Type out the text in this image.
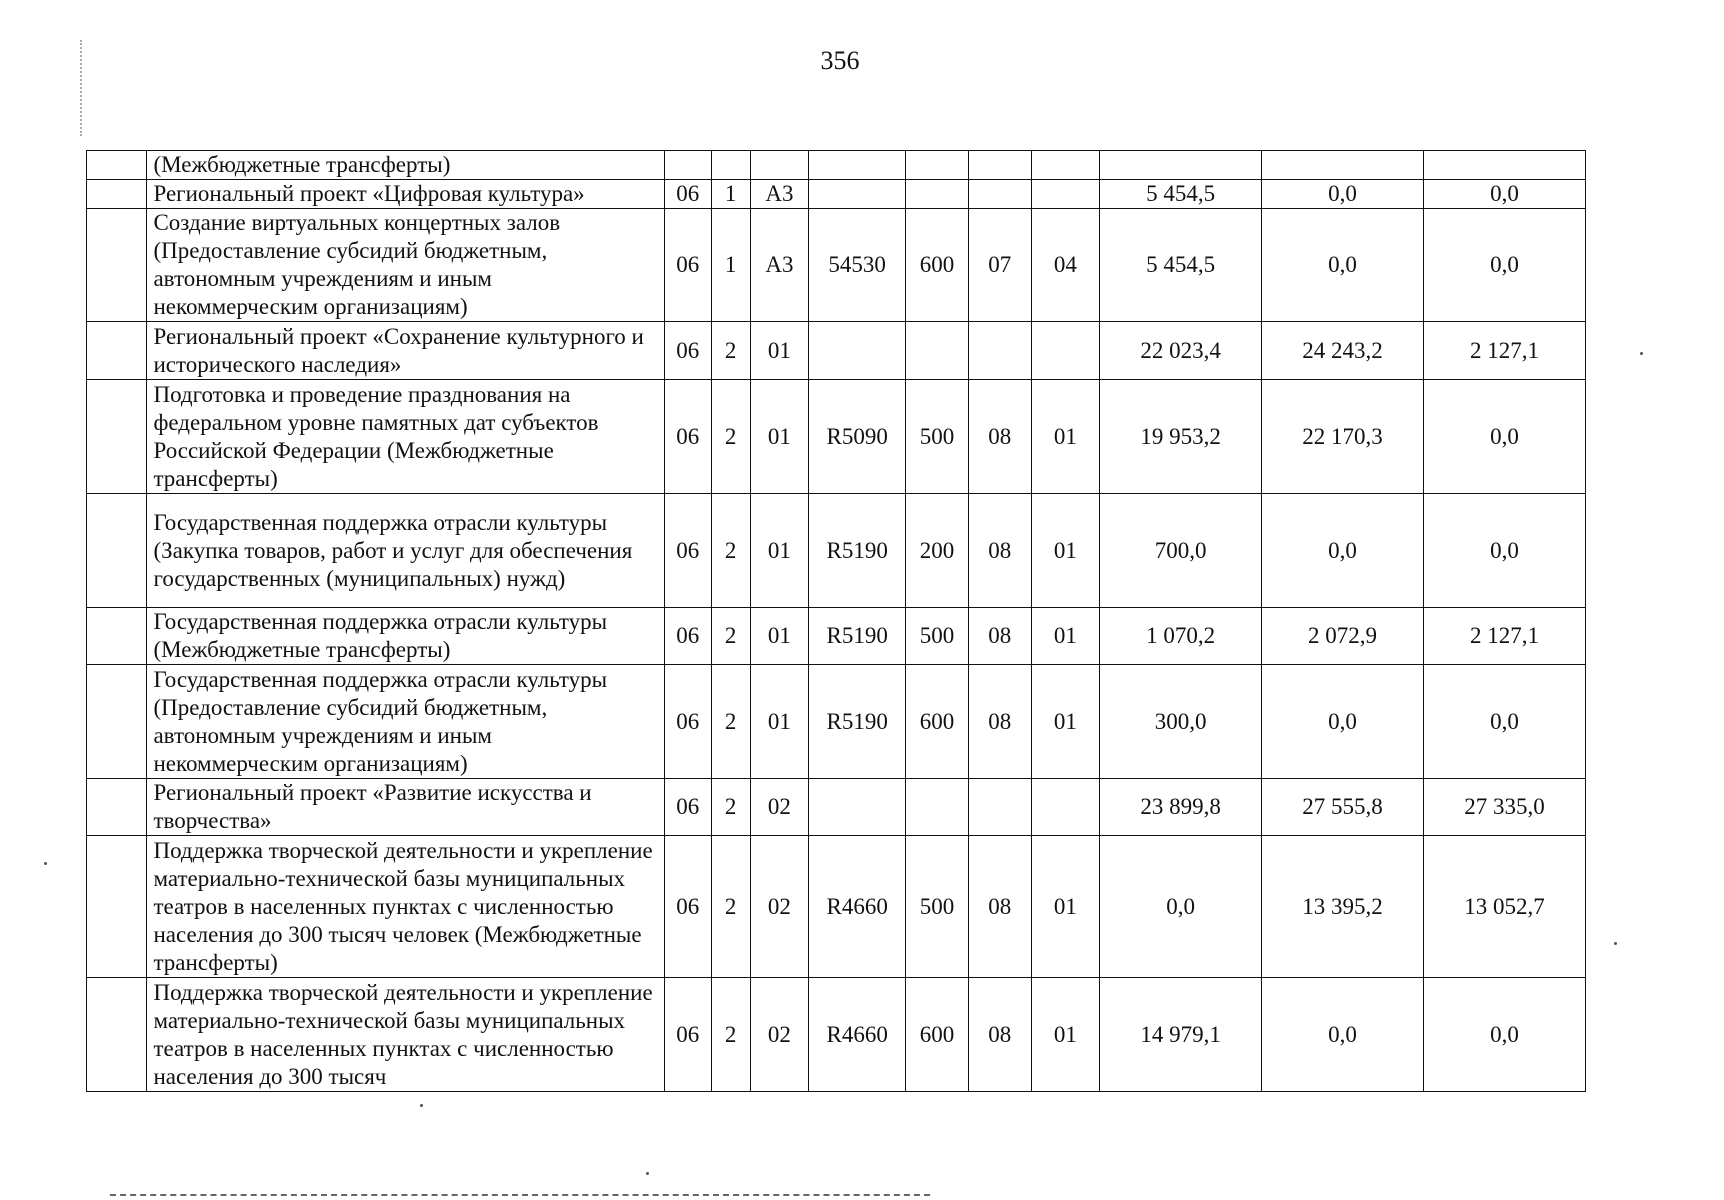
356
	(Межбюджетные трансферты)										
	Региональный проект «Цифровая культура»	06	1	А3					5 454,5	0,0	0,0
	Создание виртуальных концертных залов (Предоставление субсидий бюджетным, автономным учреждениям и иным некоммерческим организациям)	06	1	А3	54530	600	07	04	5 454,5	0,0	0,0
	Региональный проект «Сохранение культурного и исторического наследия»	06	2	01					22 023,4	24 243,2	2 127,1
	Подготовка и проведение празднования на федеральном уровне памятных дат субъектов Российской Федерации (Межбюджетные трансферты)	06	2	01	R5090	500	08	01	19 953,2	22 170,3	0,0
	Государственная поддержка отрасли культуры (Закупка товаров, работ и услуг для обеспечения государственных (муниципальных) нужд)	06	2	01	R5190	200	08	01	700,0	0,0	0,0
	Государственная поддержка отрасли культуры (Межбюджетные трансферты)	06	2	01	R5190	500	08	01	1 070,2	2 072,9	2 127,1
	Государственная поддержка отрасли культуры (Предоставление субсидий бюджетным, автономным учреждениям и иным некоммерческим организациям)	06	2	01	R5190	600	08	01	300,0	0,0	0,0
	Региональный проект «Развитие искусства и творчества»	06	2	02					23 899,8	27 555,8	27 335,0
	Поддержка творческой деятельности и укрепление материально-технической базы муниципальных театров в населенных пунктах с численностью населения до 300 тысяч человек (Межбюджетные трансферты)	06	2	02	R4660	500	08	01	0,0	13 395,2	13 052,7
	Поддержка творческой деятельности и укрепление материально-технической базы муниципальных театров в населенных пунктах с численностью населения до 300 тысяч	06	2	02	R4660	600	08	01	14 979,1	0,0	0,0
